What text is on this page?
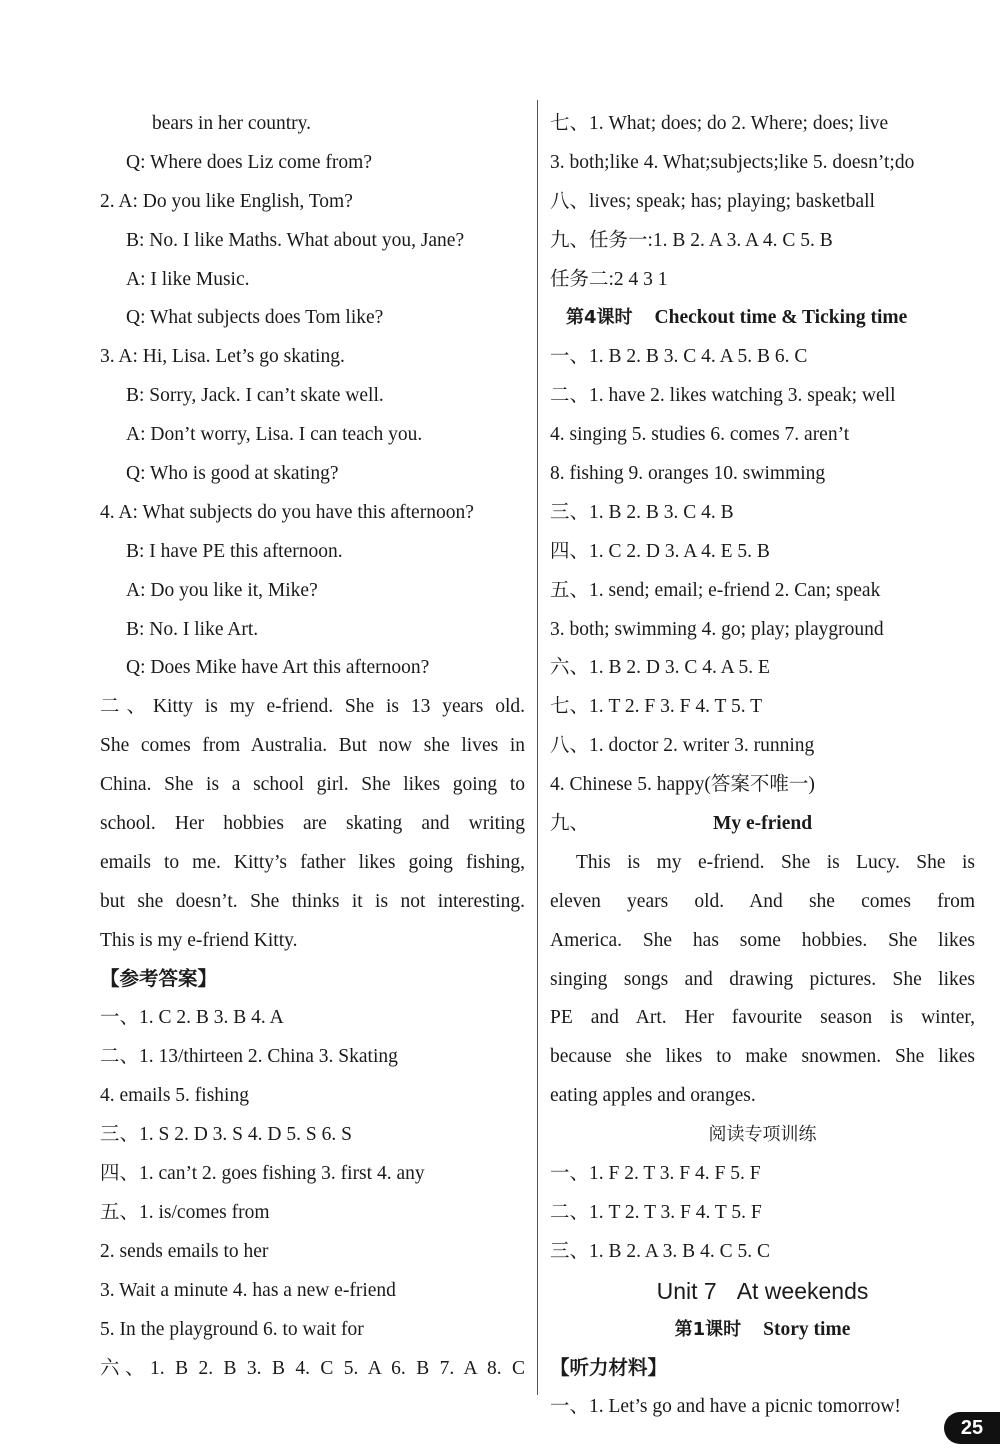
bears in her country.
Q: Where does Liz come from?
2. A: Do you like English, Tom?
B: No. I like Maths. What about you, Jane?
A: I like Music.
Q: What subjects does Tom like?
3. A: Hi, Lisa. Let’s go skating.
B: Sorry, Jack. I can’t skate well.
A: Don’t worry, Lisa. I can teach you.
Q: Who is good at skating?
4. A: What subjects do you have this afternoon?
B: I have PE this afternoon.
A: Do you like it, Mike?
B: No. I like Art.
Q: Does Mike have Art this afternoon?
二、Kitty is my e-friend. She is 13 years old.
She comes from Australia. But now she lives in
China. She is a school girl. She likes going to
school. Her hobbies are skating and writing
emails to me. Kitty’s father likes going fishing,
but she doesn’t. She thinks it is not interesting.
This is my e-friend Kitty.
【参考答案】
一、1. C 2. B 3. B 4. A
二、1. 13/thirteen 2. China 3. Skating
4. emails 5. fishing
三、1. S 2. D 3. S 4. D 5. S 6. S
四、1. can’t 2. goes fishing 3. first 4. any
五、1. is/comes from
2. sends emails to her
3. Wait a minute 4. has a new e-friend
5. In the playground 6. to wait for
六、1. B 2. B 3. B 4. C 5. A 6. B 7. A 8. C
七、1. What; does; do 2. Where; does; live
3. both;like 4. What;subjects;like 5. doesn’t;do
八、lives; speak; has; playing; basketball
九、任务一:1. B 2. A 3. A 4. C 5. B
任务二:2 4 3 1
第4课时 Checkout time & Ticking time
一、1. B 2. B 3. C 4. A 5. B 6. C
二、1. have 2. likes watching 3. speak; well
4. singing 5. studies 6. comes 7. aren’t
8. fishing 9. oranges 10. swimming
三、1. B 2. B 3. C 4. B
四、1. C 2. D 3. A 4. E 5. B
五、1. send; email; e-friend 2. Can; speak
3. both; swimming 4. go; play; playground
六、1. B 2. D 3. C 4. A 5. E
七、1. T 2. F 3. F 4. T 5. T
八、1. doctor 2. writer 3. running
4. Chinese 5. happy(答案不唯一)
九、	My e-friend
This is my e-friend. She is Lucy. She is
eleven years old. And she comes from
America. She has some hobbies. She likes
singing songs and drawing pictures. She likes
PE and Art. Her favourite season is winter,
because she likes to make snowmen. She likes
eating apples and oranges.
阅读专项训练
一、1. F 2. T 3. F 4. F 5. F
二、1. T 2. T 3. F 4. T 5. F
三、1. B 2. A 3. B 4. C 5. C
Unit 7 At weekends
第1课时 Story time
【听力材料】
一、1. Let’s go and have a picnic tomorrow!
25
